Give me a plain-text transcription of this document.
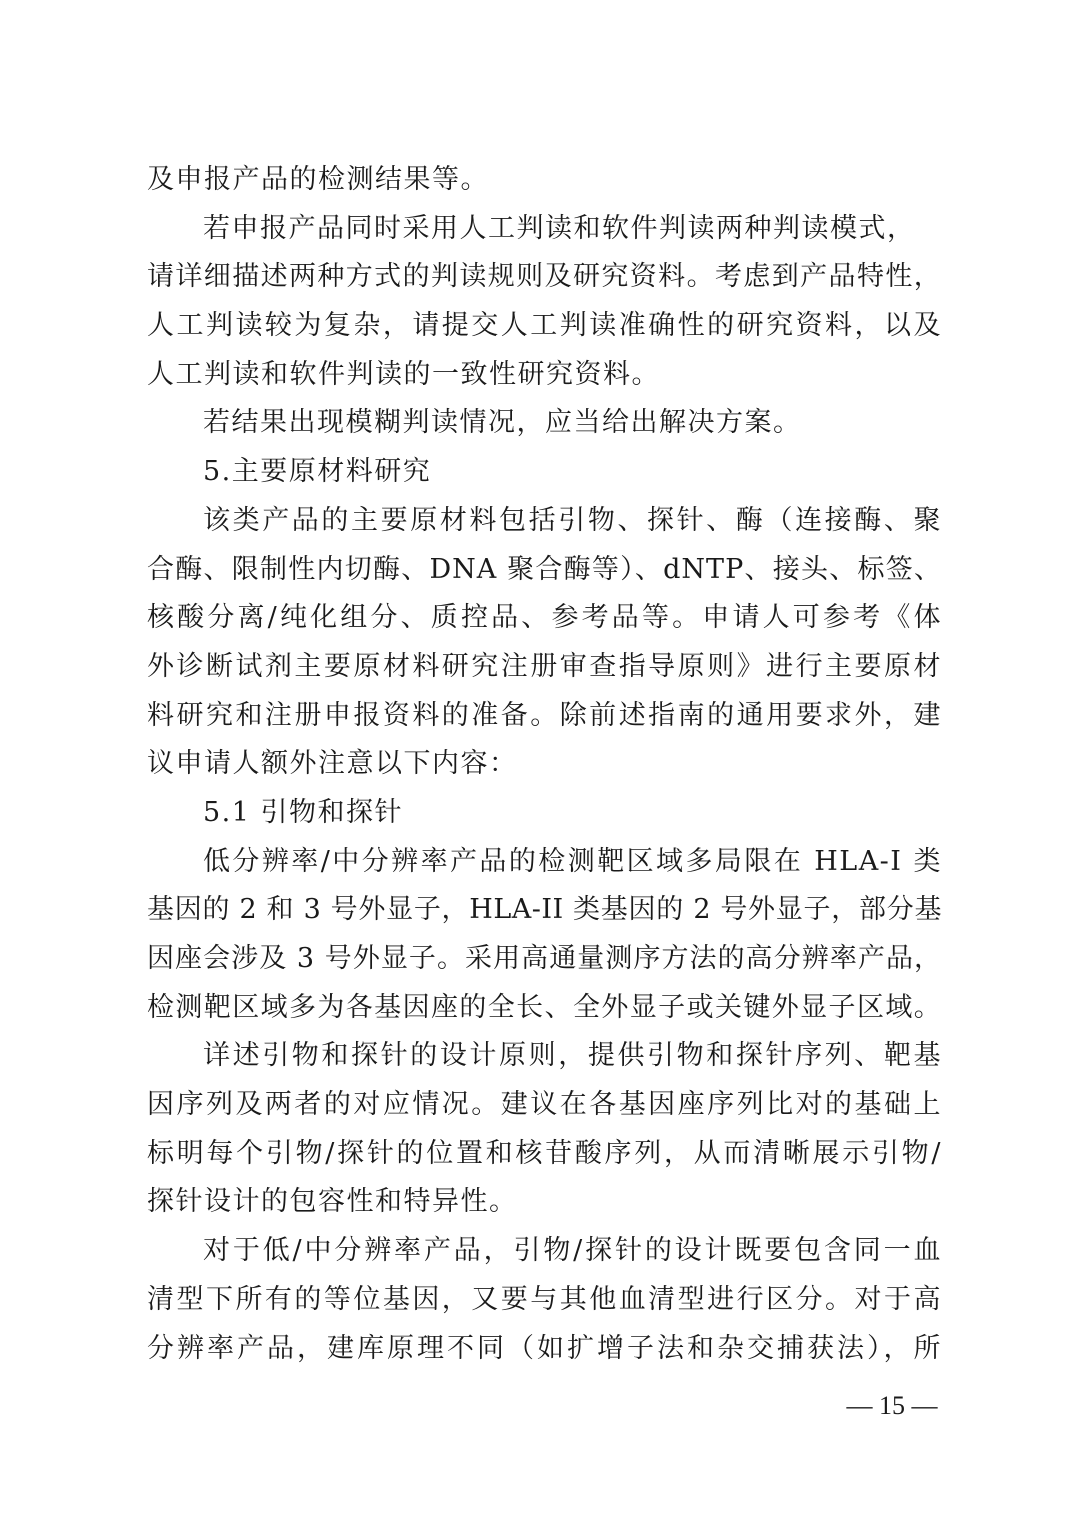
及申报产品的检测结果等。
若申报产品同时采用人工判读和软件判读两种判读模式，
请详细描述两种方式的判读规则及研究资料。考虑到产品特性，
人工判读较为复杂，请提交人工判读准确性的研究资料，以及
人工判读和软件判读的一致性研究资料。
若结果出现模糊判读情况，应当给出解决方案。
5.主要原材料研究
该类产品的主要原材料包括引物、探针、酶（连接酶、聚
合酶、限制性内切酶、DNA 聚合酶等）、dNTP、接头、标签、
核酸分离/纯化组分、质控品、参考品等。申请人可参考《体
外诊断试剂主要原材料研究注册审查指导原则》进行主要原材
料研究和注册申报资料的准备。除前述指南的通用要求外，建
议申请人额外注意以下内容：
5.1 引物和探针
低分辨率/中分辨率产品的检测靶区域多局限在 HLA-I 类
基因的 2 和 3 号外显子，HLA-II 类基因的 2 号外显子，部分基
因座会涉及 3 号外显子。采用高通量测序方法的高分辨率产品，
检测靶区域多为各基因座的全长、全外显子或关键外显子区域。
详述引物和探针的设计原则，提供引物和探针序列、靶基
因序列及两者的对应情况。建议在各基因座序列比对的基础上
标明每个引物/探针的位置和核苷酸序列，从而清晰展示引物/
探针设计的包容性和特异性。
对于低/中分辨率产品，引物/探针的设计既要包含同一血
清型下所有的等位基因，又要与其他血清型进行区分。对于高
分辨率产品，建库原理不同（如扩增子法和杂交捕获法），所
— 15 —
